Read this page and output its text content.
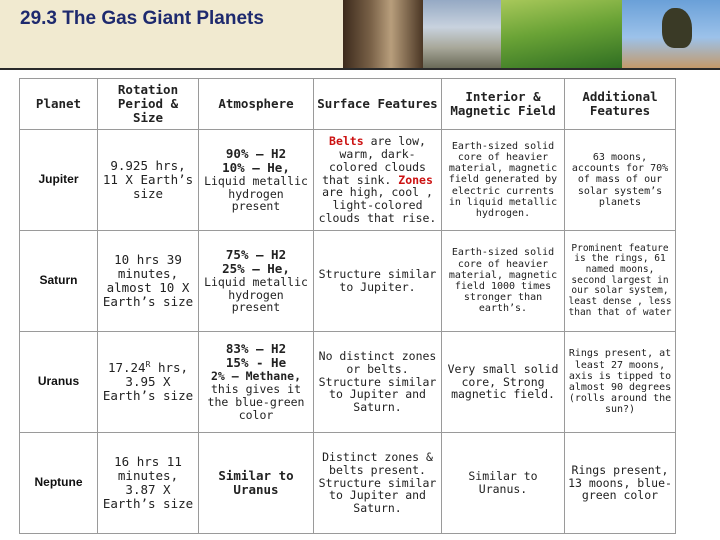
29.3 The Gas Giant Planets
Planet	Rotation Period & Size	Atmosphere	Surface Features	Interior & Magnetic Field	Additional Features
Jupiter	9.925 hrs, 11 X Earth’s size	90% – H2
10% – He,
Liquid metallic hydrogen present	Belts are low, warm, dark-colored clouds that sink. Zones are high, cool , light-colored clouds that rise.	Earth-sized solid core of heavier material, magnetic field generated by electric currents in liquid metallic hydrogen.	63 moons, accounts for 70% of mass of our solar system’s planets
Saturn	10 hrs 39 minutes, almost 10 X Earth’s size	75% – H2
25% – He,
Liquid metallic hydrogen present	Structure similar to Jupiter.	Earth-sized solid core of heavier material, magnetic field 1000 times stronger than earth’s.	Prominent feature is the rings, 61 named moons, second largest in our solar system, least dense , less than that of water
Uranus	$17.24^R$ hrs, 3.95 X Earth’s size	83% – H2
15% - He
2% – Methane,
this gives it the blue-green color	No distinct zones or belts. Structure similar to Jupiter and Saturn.	Very small solid core, Strong magnetic field.	Rings present, at least 27 moons, axis is tipped to almost 90 degrees (rolls around the sun?)
Neptune	16 hrs 11 minutes, 3.87 X Earth’s size	Similar to Uranus	Distinct zones & belts present. Structure similar to Jupiter and Saturn.	Similar to Uranus.	Rings present, 13 moons, blue-green color
